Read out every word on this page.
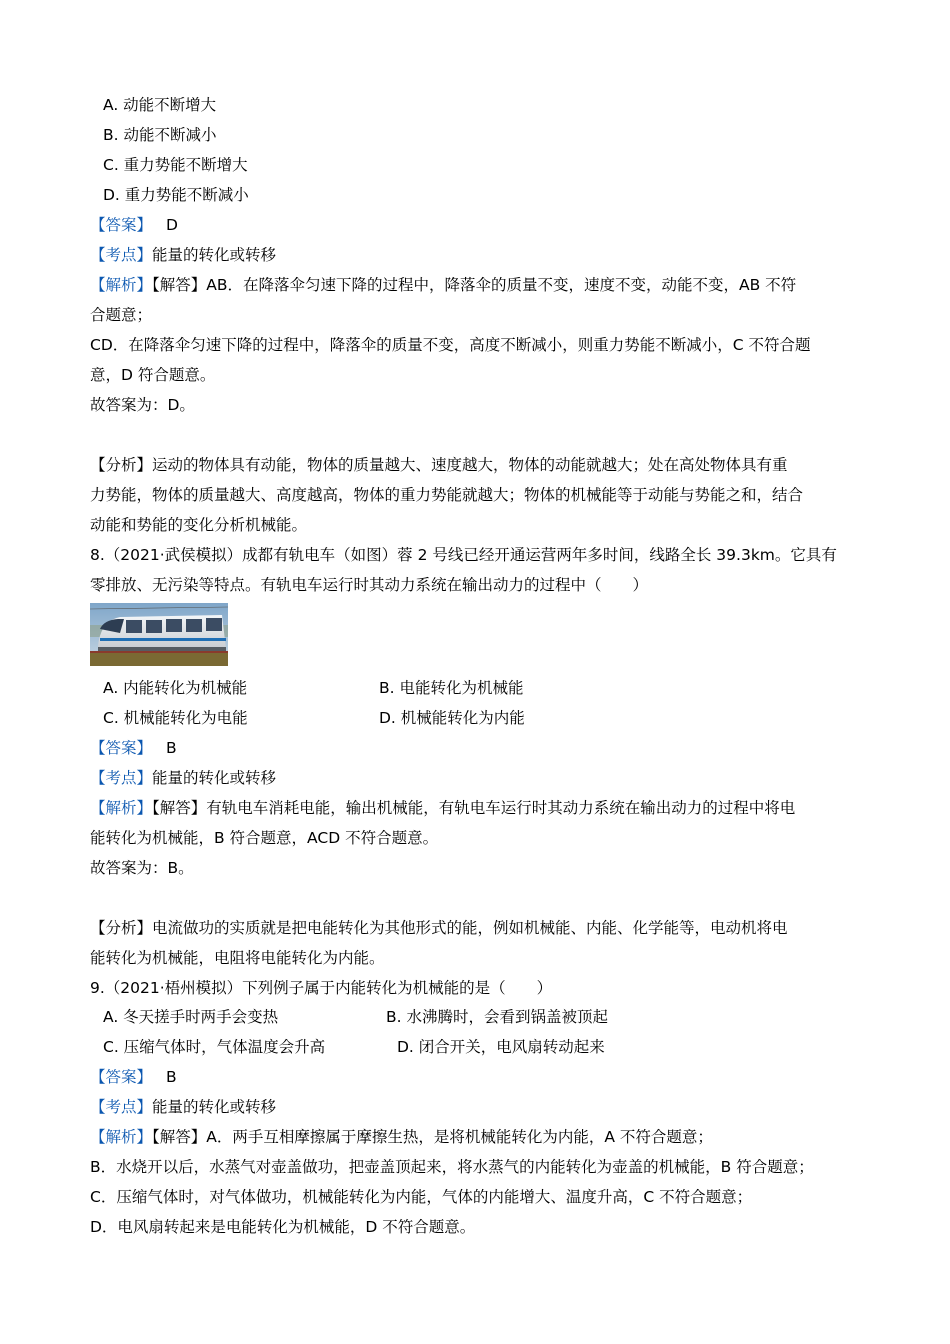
A. 动能不断增大
B. 动能不断减小
C. 重力势能不断增大
D. 重力势能不断减小
【答案】 D
【考点】能量的转化或转移
【解析】【解答】AB．在降落伞匀速下降的过程中，降落伞的质量不变，速度不变，动能不变，AB 不符
合题意；
CD．在降落伞匀速下降的过程中，降落伞的质量不变，高度不断减小，则重力势能不断减小，C 不符合题
意，D 符合题意。
故答案为：D。
【分析】运动的物体具有动能，物体的质量越大、速度越大，物体的动能就越大；处在高处物体具有重
力势能，物体的质量越大、高度越高，物体的重力势能就越大；物体的机械能等于动能与势能之和，结合
动能和势能的变化分析机械能。
8.（2021·武侯模拟）成都有轨电车（如图）蓉 2 号线已经开通运营两年多时间，线路全长 39.3km。它具有
零排放、无污染等特点。有轨电车运行时其动力系统在输出动力的过程中（　　）
A. 内能转化为机械能	B. 电能转化为机械能
C. 机械能转化为电能	D. 机械能转化为内能
【答案】 B
【考点】能量的转化或转移
【解析】【解答】有轨电车消耗电能，输出机械能，有轨电车运行时其动力系统在输出动力的过程中将电
能转化为机械能，B 符合题意，ACD 不符合题意。
故答案为：B。
【分析】电流做功的实质就是把电能转化为其他形式的能，例如机械能、内能、化学能等，电动机将电
能转化为机械能，电阻将电能转化为内能。
9.（2021·梧州模拟）下列例子属于内能转化为机械能的是（　　）
A. 冬天搓手时两手会变热	B. 水沸腾时，会看到锅盖被顶起
C. 压缩气体时，气体温度会升高	D. 闭合开关，电风扇转动起来
【答案】 B
【考点】能量的转化或转移
【解析】【解答】A．两手互相摩擦属于摩擦生热，是将机械能转化为内能，A 不符合题意；
B．水烧开以后，水蒸气对壶盖做功，把壶盖顶起来，将水蒸气的内能转化为壶盖的机械能，B 符合题意；
C．压缩气体时，对气体做功，机械能转化为内能，气体的内能增大、温度升高，C 不符合题意；
D．电风扇转起来是电能转化为机械能，D 不符合题意。
